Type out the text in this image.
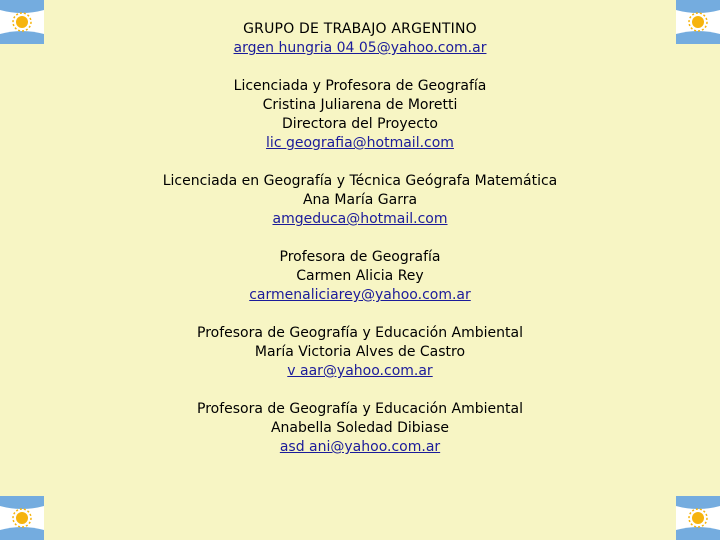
GRUPO DE TRABAJO ARGENTINO
argen hungria 04 05@yahoo.com.ar
Licenciada y Profesora de Geografía
Cristina Juliarena de Moretti
Directora del Proyecto
lic geografia@hotmail.com
Licenciada en Geografía y Técnica Geógrafa Matemática
Ana María Garra
amgeduca@hotmail.com
Profesora de Geografía
Carmen Alicia Rey
carmenaliciarey@yahoo.com.ar
Profesora de Geografía y Educación Ambiental
María Victoria Alves de Castro
v aar@yahoo.com.ar
Profesora de Geografía y Educación Ambiental
Anabella Soledad Dibiase
asd ani@yahoo.com.ar
